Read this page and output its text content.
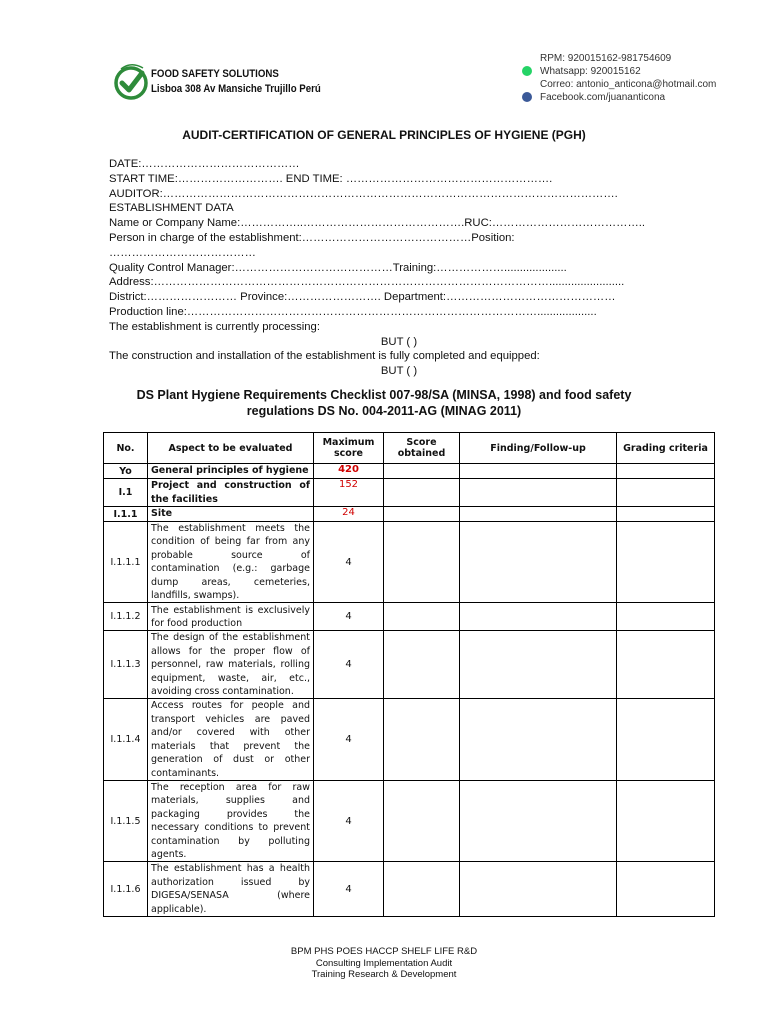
FOOD SAFETY SOLUTIONS
Lisboa 308 Av Mansiche Trujillo Perú
RPM: 920015162-981754609
Whatsapp: 920015162
Correo: antonio_anticona@hotmail.com
Facebook.com/juananticona
AUDIT-CERTIFICATION OF GENERAL PRINCIPLES OF HYGIENE (PGH)
DATE:……………………………………
START TIME:………………………. END TIME: ……………………………………………….
AUDITOR:………………………………………………………………………………………………………….
ESTABLISHMENT DATA
Name or Company Name:……………..…………………………………….RUC:…………………………………..
Person in charge of the establishment:………………………………………Position:
…………………………………
Quality Control Manager:……………………………………Training:………………....................
Address:……………………………………………………………………………………………........................
District:…………………… Province:……………………. Department:………………………………………
Production line:…………………………………………………………………………………...................
The establishment is currently processing:
BUT ( )
The construction and installation of the establishment is fully completed and equipped:
BUT ( )
DS Plant Hygiene Requirements Checklist 007-98/SA (MINSA, 1998) and food safety regulations DS No. 004-2011-AG (MINAG 2011)
No.	Aspect to be evaluated	Maximum score	Score obtained	Finding/Follow-up	Grading criteria
Yo	General principles of hygiene	420			
I.1	Project and construction of the facilities	152			
I.1.1	Site	24			
I.1.1.1	The establishment meets the condition of being far from any probable source of contamination (e.g.: garbage dump areas, cemeteries, landfills, swamps).	4			
I.1.1.2	The establishment is exclusively for food production	4			
I.1.1.3	The design of the establishment allows for the proper flow of personnel, raw materials, rolling equipment, waste, air, etc., avoiding cross contamination.	4			
I.1.1.4	Access routes for people and transport vehicles are paved and/or covered with other materials that prevent the generation of dust or other contaminants.	4			
I.1.1.5	The reception area for raw materials, supplies and packaging provides the necessary conditions to prevent contamination by polluting agents.	4			
I.1.1.6	The establishment has a health authorization issued by DIGESA/SENASA (where applicable).	4			
BPM PHS POES HACCP SHELF LIFE R&D
Consulting Implementation Audit
Training Research & Development
